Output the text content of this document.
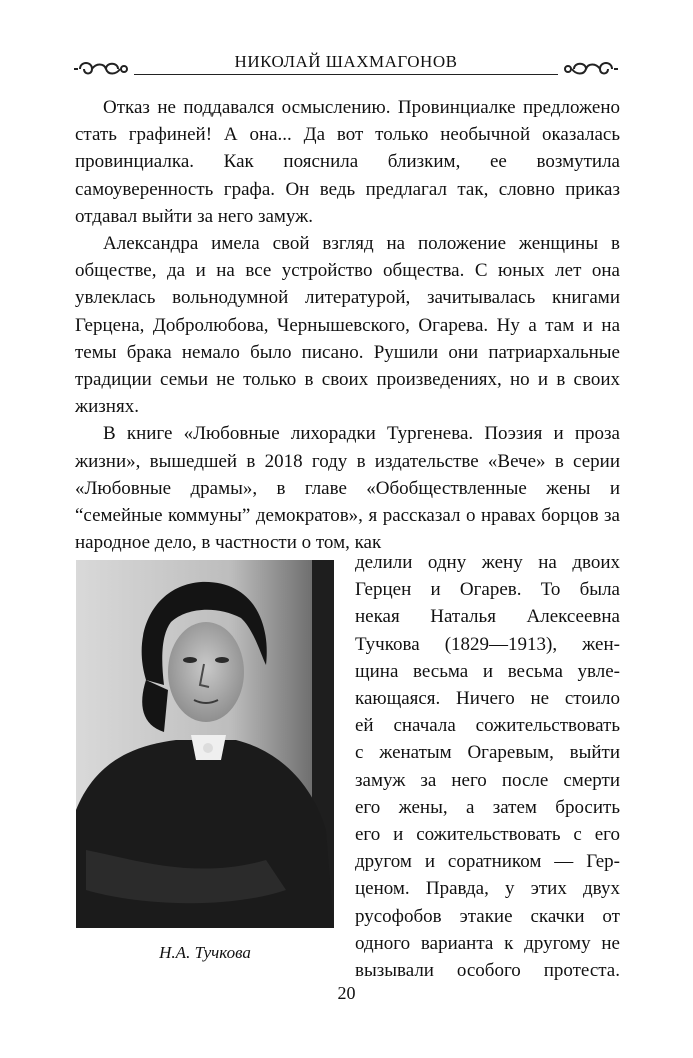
НИКОЛАЙ ШАХМАГОНОВ

Отказ не поддавался осмыслению. Провинциалке предложено стать графиней! А она... Да вот только необычной оказалась провинциалка. Как пояснила близким, ее возмутила самоуверенность графа. Он ведь предлагал так, словно приказ отдавал выйти за него замуж.

Александра имела свой взгляд на положение женщины в обществе, да и на все устройство общества. С юных лет она увлеклась вольнодумной литературой, зачитывалась книгами Герцена, Добролюбова, Чернышевского, Огарева. Ну а там и на темы брака немало было писано. Рушили они патриархальные традиции семьи не только в своих произведениях, но и в своих жизнях.

В книге «Любовные лихорадки Тургенева. Поэзия и проза жизни», вышедшей в 2018 году в издательстве «Вече» в серии «Любовные драмы», в главе «Обобществленные жены и “семейные коммуны” демократов», я рассказал о нравах борцов за народное дело, в частности о том, как

Н.А. Тучкова

делили одну жену на двоих

Герцен и Огарев. То была

некая Наталья Алексеевна

Тучкова (1829—1913), жен-

щина весьма и весьма увле-

кающаяся. Ничего не стоило

ей сначала сожительствовать

с женатым Огаревым, выйти

замуж за него после смерти

его жены, а затем бросить

его и сожительствовать с его

другом и соратником — Гер-

ценом. Правда, у этих двух

русофобов этакие скачки от

одного варианта к другому не

вызывали особого протеста.

20
